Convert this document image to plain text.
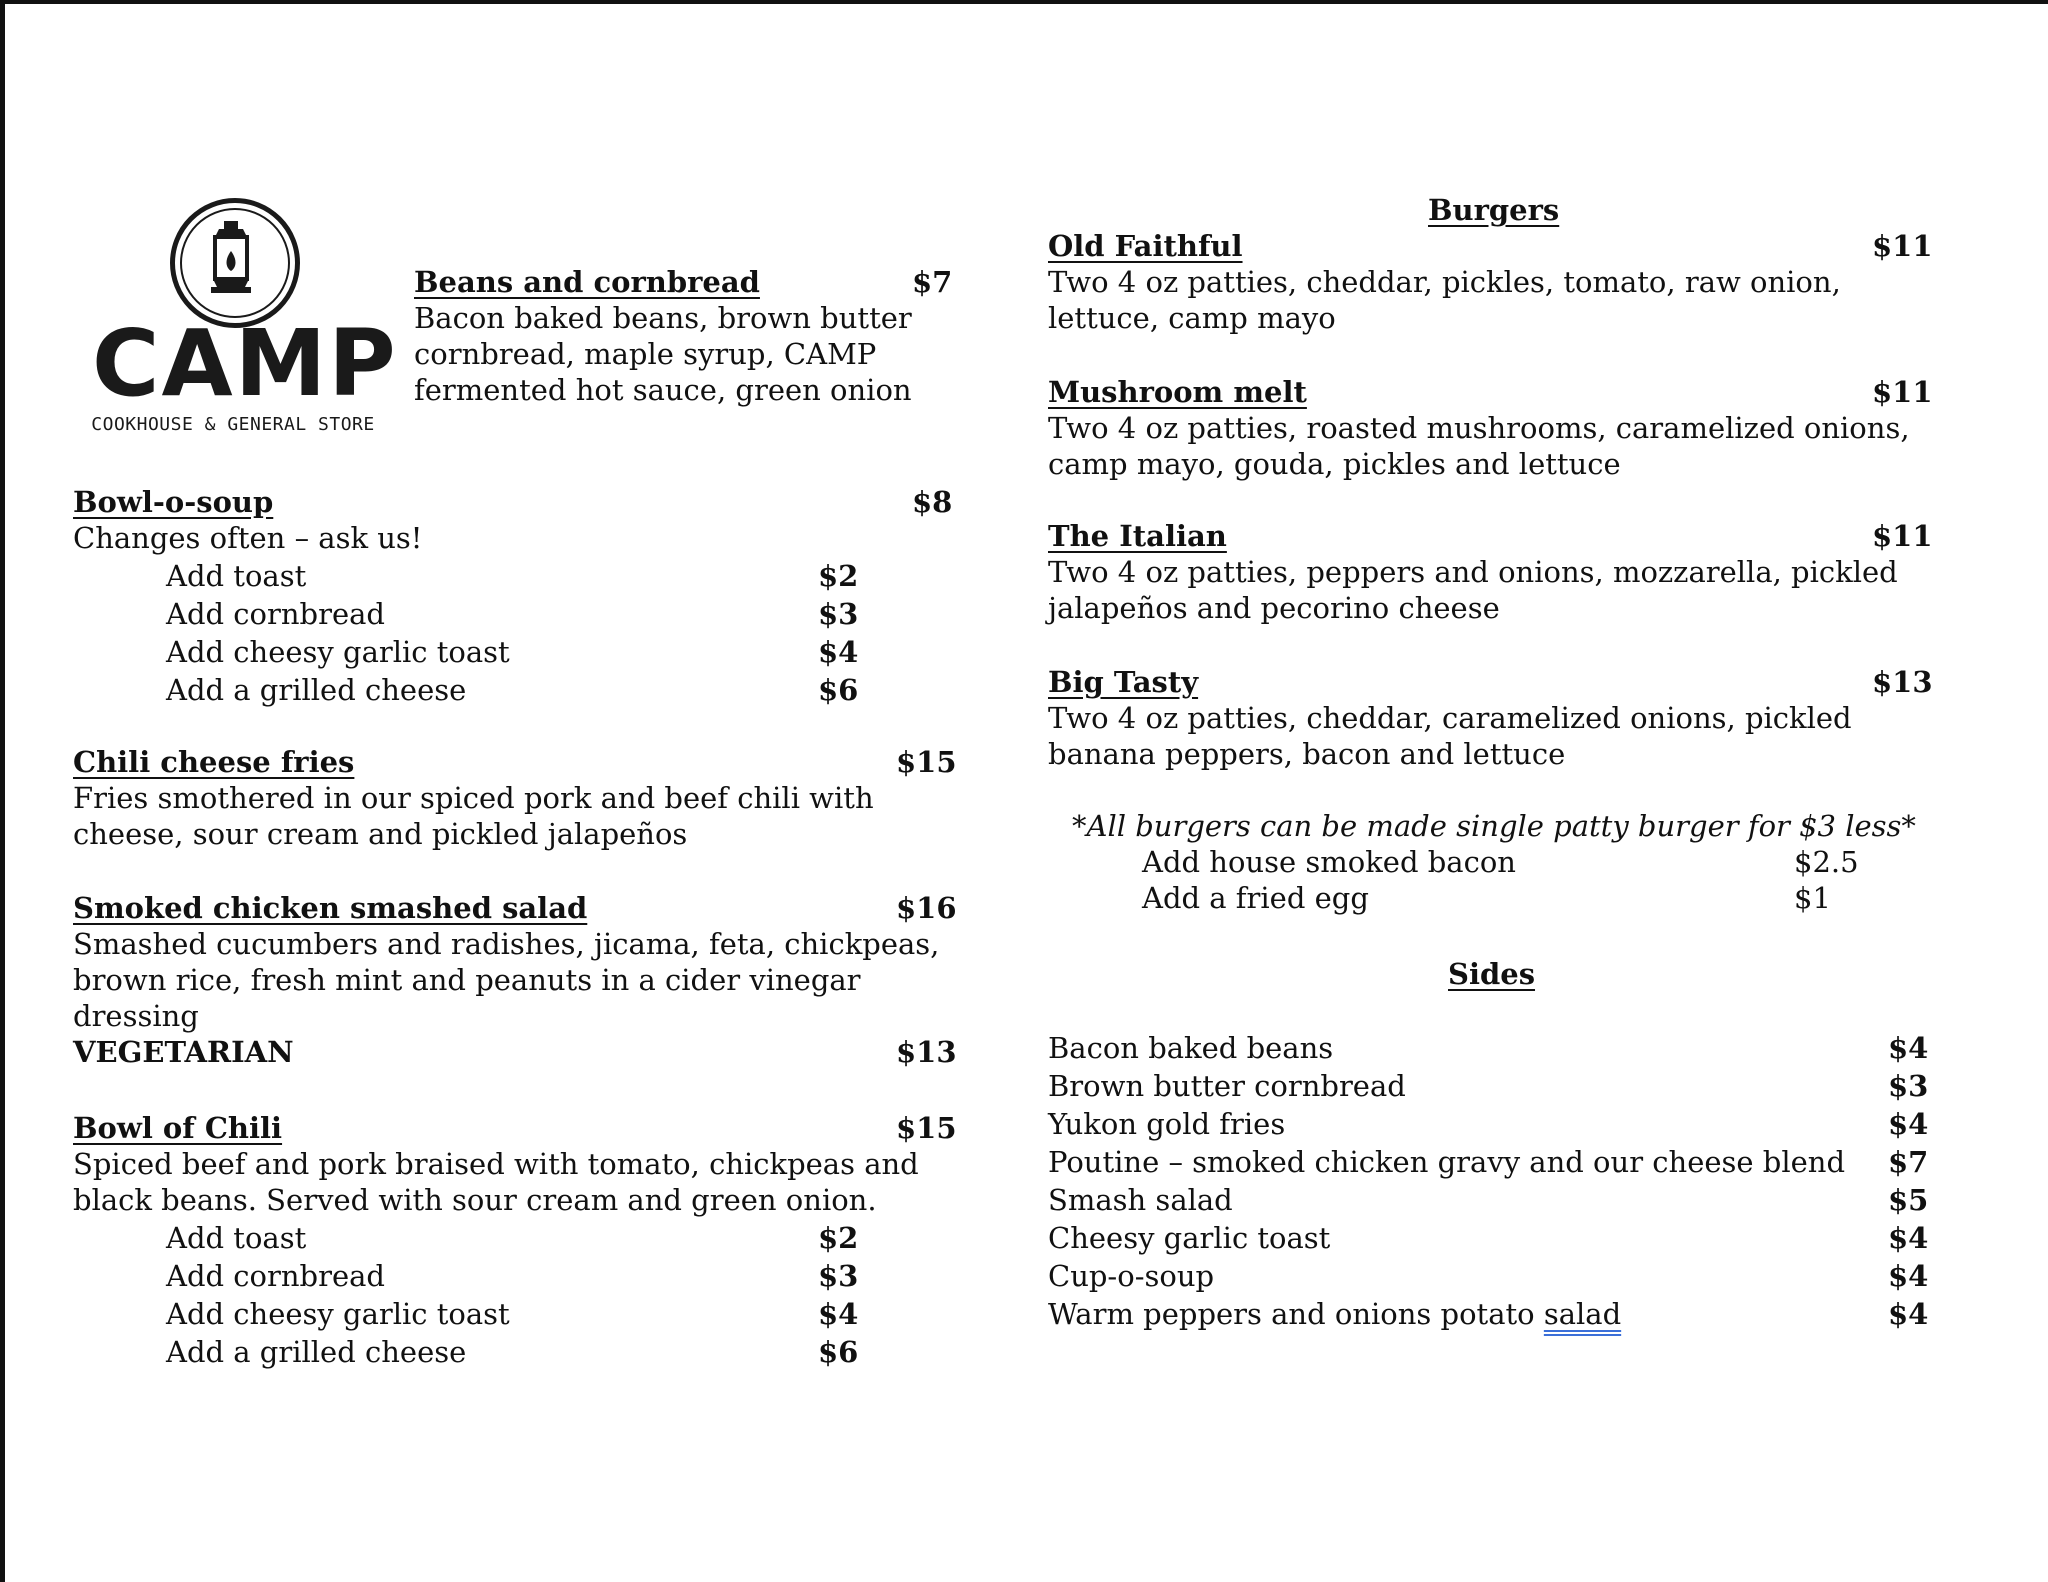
CAMP
COOKHOUSE & GENERAL STORE
Beans and cornbread	$7
Bacon baked beans, brown butter
cornbread, maple syrup, CAMP
fermented hot sauce, green onion
Bowl-o-soup	$8
Changes often – ask us!
Add toast	$2
Add cornbread	$3
Add cheesy garlic toast	$4
Add a grilled cheese	$6
Chili cheese fries	$15
Fries smothered in our spiced pork and beef chili with
cheese, sour cream and pickled jalapeños
Smoked chicken smashed salad	$16
Smashed cucumbers and radishes, jicama, feta, chickpeas,
brown rice, fresh mint and peanuts in a cider vinegar
dressing
VEGETARIAN	$13
Bowl of Chili	$15
Spiced beef and pork braised with tomato, chickpeas and
black beans. Served with sour cream and green onion.
Add toast	$2
Add cornbread	$3
Add cheesy garlic toast	$4
Add a grilled cheese	$6
Burgers
Old Faithful	$11
Two 4 oz patties, cheddar, pickles, tomato, raw onion,
lettuce, camp mayo
Mushroom melt	$11
Two 4 oz patties, roasted mushrooms, caramelized onions,
camp mayo, gouda, pickles and lettuce
The Italian	$11
Two 4 oz patties, peppers and onions, mozzarella, pickled
jalapeños and pecorino cheese
Big Tasty	$13
Two 4 oz patties, cheddar, caramelized onions, pickled
banana peppers, bacon and lettuce
*All burgers can be made single patty burger for $3 less*
Add house smoked bacon	$2.5
Add a fried egg	$1
Sides
Bacon baked beans	$4
Brown butter cornbread	$3
Yukon gold fries	$4
Poutine – smoked chicken gravy and our cheese blend $7
Smash salad	$5
Cheesy garlic toast	$4
Cup-o-soup	$4
Warm peppers and onions potato salad	$4
